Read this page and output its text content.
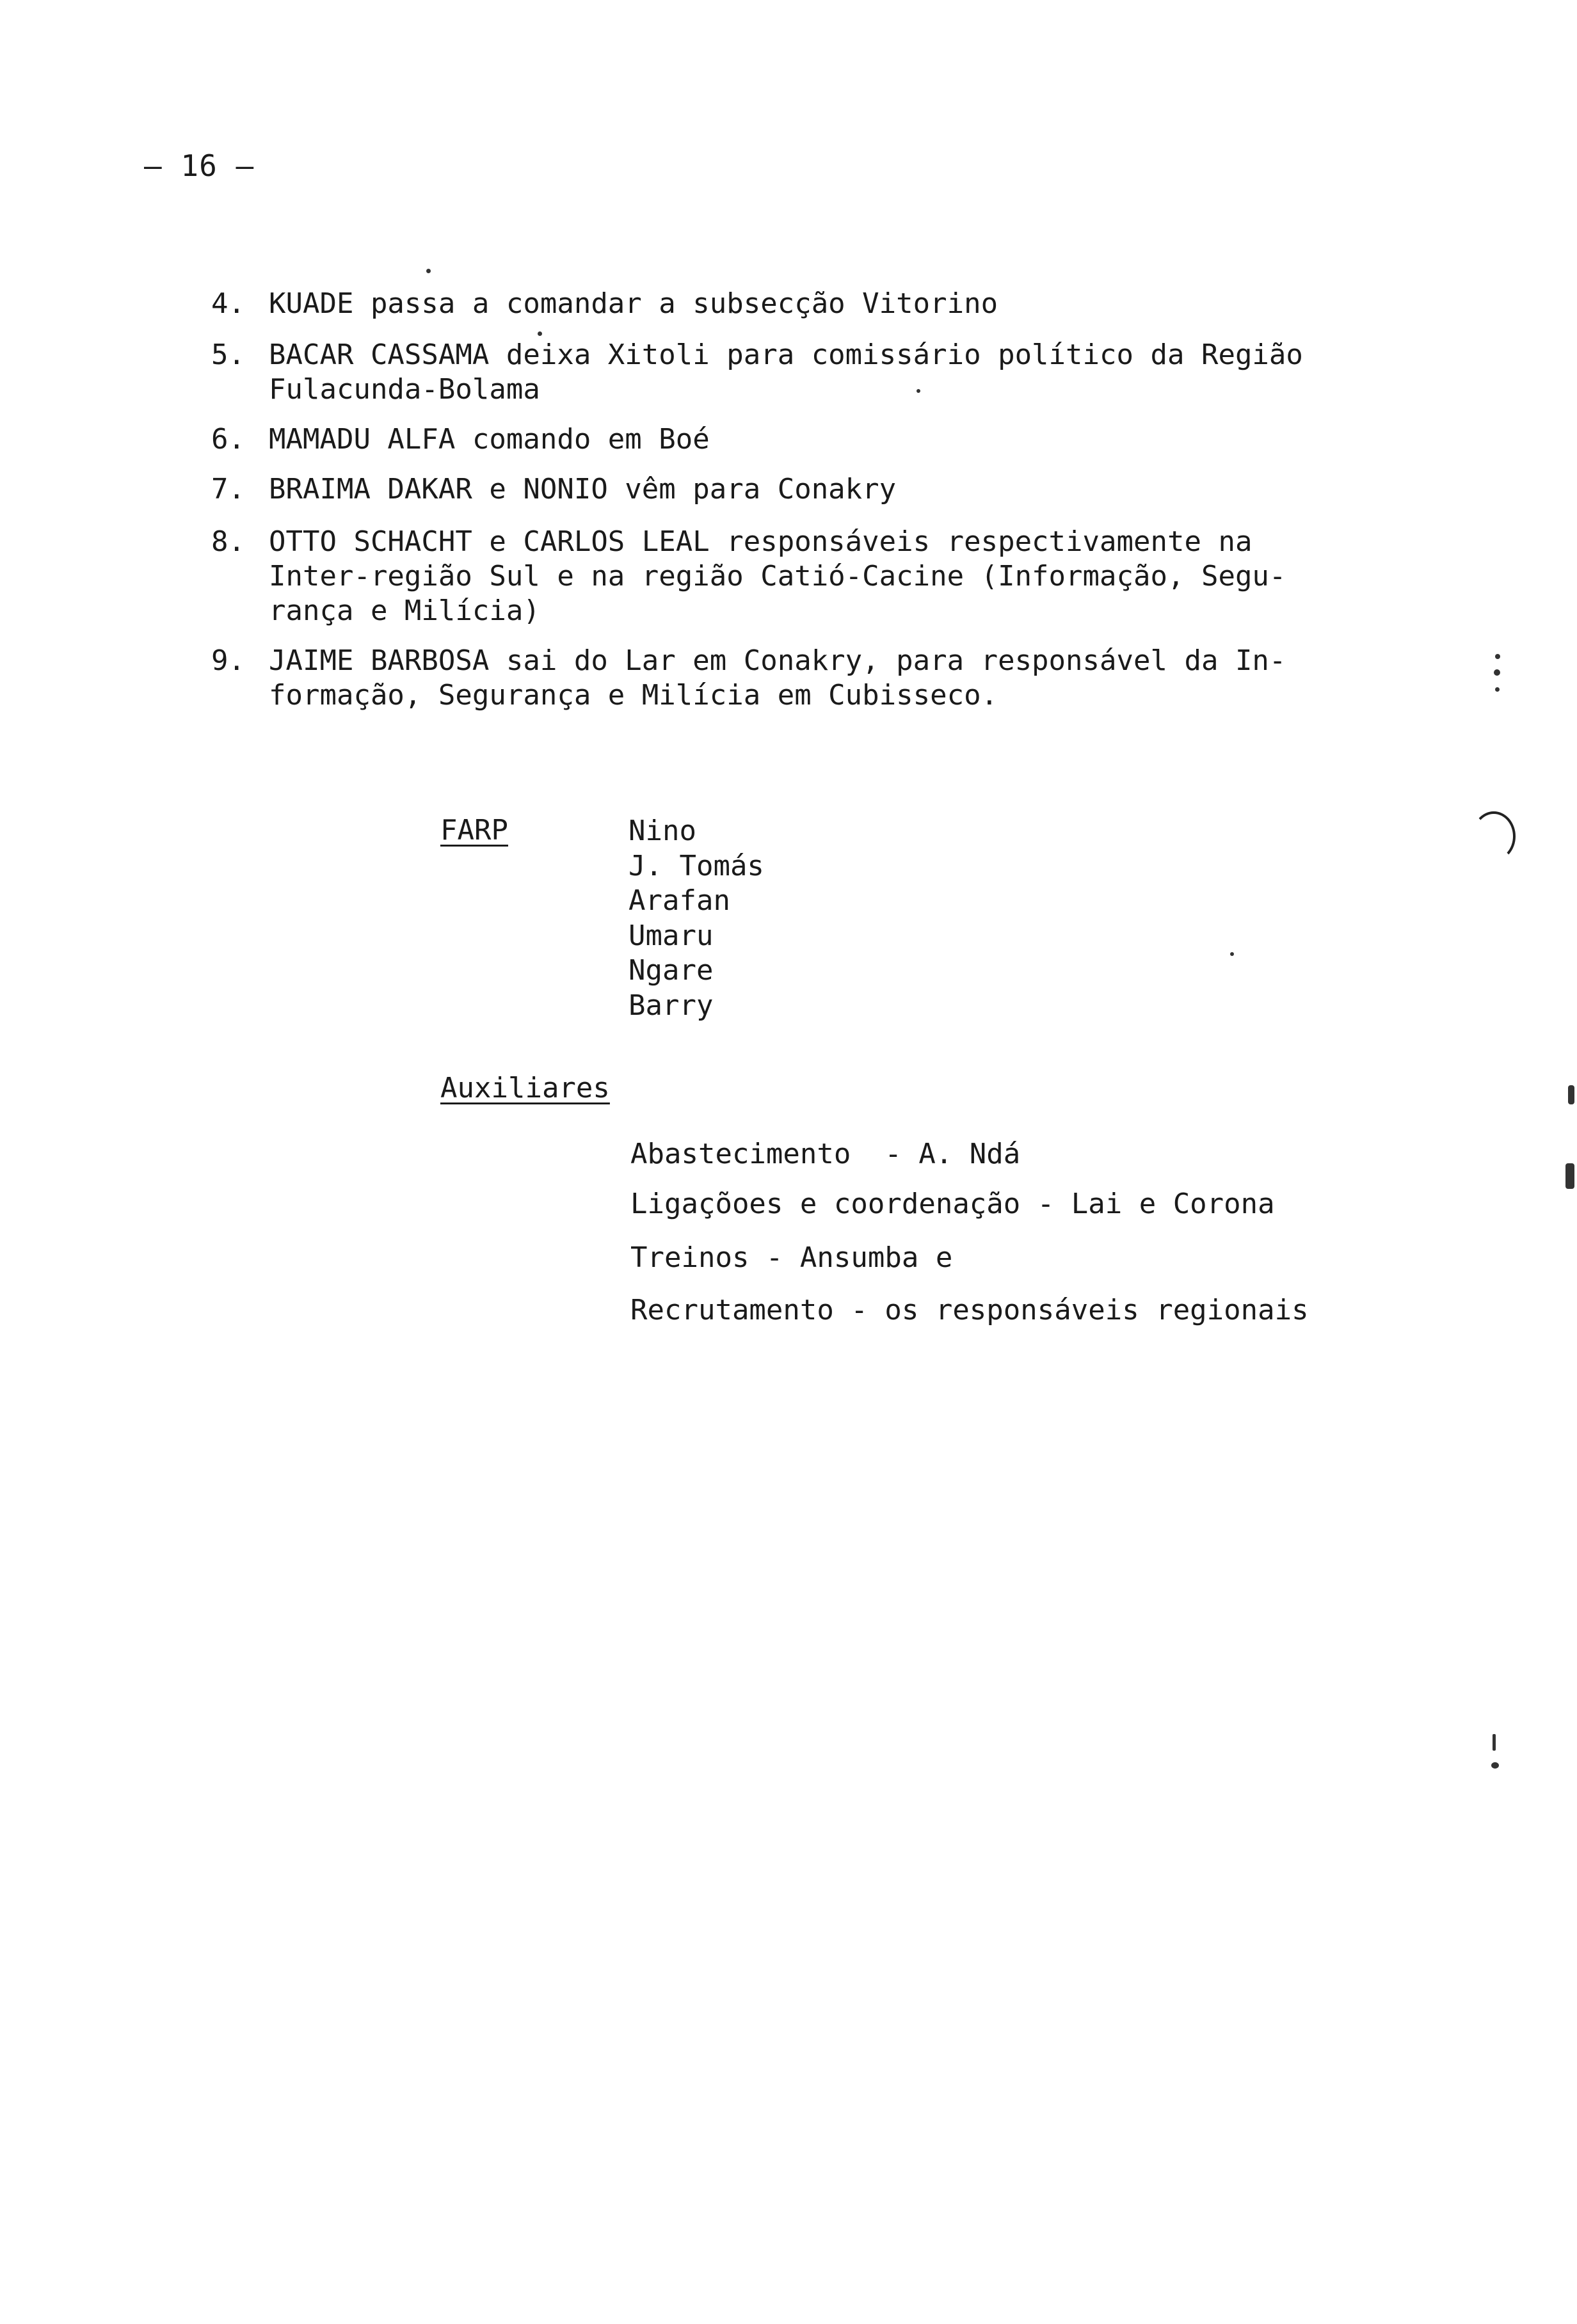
— 16 —
4. KUADE passa a comandar a subsecção Vitorino
5. BACAR CASSAMA deixa Xitoli para comissário político da Região
Fulacunda-Bolama
6. MAMADU ALFA comando em Boé
7. BRAIMA DAKAR e NONIO vêm para Conakry
8. OTTO SCHACHT e CARLOS LEAL responsáveis respectivamente na
Inter-região Sul e na região Catió-Cacine (Informação, Segu-
rança e Milícia)
9. JAIME BARBOSA sai do Lar em Conakry, para responsável da In-
formação, Segurança e Milícia em Cubisseco.
FARP	Nino
J. Tomás
Arafan
Umaru
Ngare
Barry
Auxiliares
Abastecimento  - A. Ndá
Ligaçõoes e coordenação - Lai e Corona
Treinos - Ansumba e
Recrutamento - os responsáveis regionais
